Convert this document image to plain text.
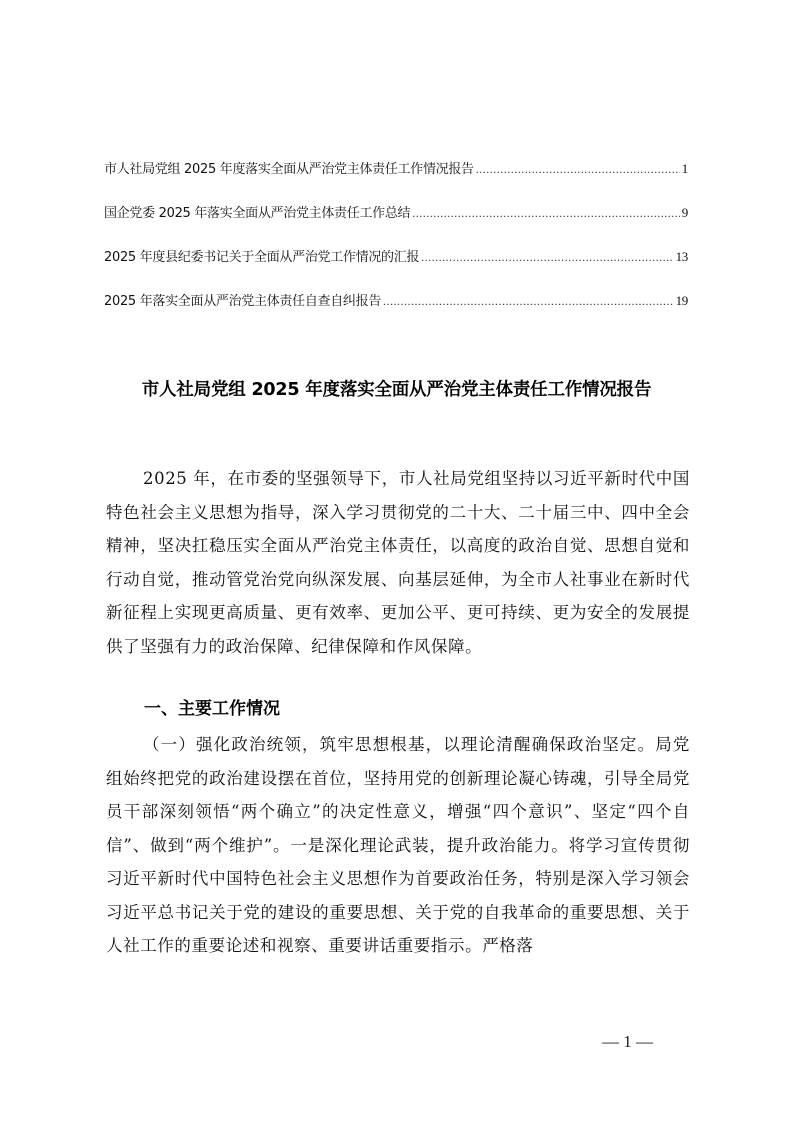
市人社局党组 2025 年度落实全面从严治党主体责任工作情况报告 .....	1
国企党委 2025 年落实全面从严治党主体责任工作总结 .....	9
2025 年度县纪委书记关于全面从严治党工作情况的汇报 .....	13
2025 年落实全面从严治党主体责任自查自纠报告 .....	19
市人社局党组 2025 年度落实全面从严治党主体责任工作情况报告
2025 年，在市委的坚强领导下，市人社局党组坚持以习近平新时代中国特色社会主义思想为指导，深入学习贯彻党的二十大、二十届三中、四中全会精神，坚决扛稳压实全面从严治党主体责任，以高度的政治自觉、思想自觉和行动自觉，推动管党治党向纵深发展、向基层延伸，为全市人社事业在新时代新征程上实现更高质量、更有效率、更加公平、更可持续、更为安全的发展提供了坚强有力的政治保障、纪律保障和作风保障。
一、主要工作情况
（一）强化政治统领，筑牢思想根基，以理论清醒确保政治坚定。局党组始终把党的政治建设摆在首位，坚持用党的创新理论凝心铸魂，引导全局党员干部深刻领悟“两个确立”的决定性意义，增强“四个意识”、坚定“四个自信”、做到“两个维护”。一是深化理论武装，提升政治能力。将学习宣传贯彻习近平新时代中国特色社会主义思想作为首要政治任务，特别是深入学习领会习近平总书记关于党的建设的重要思想、关于党的自我革命的重要思想、关于人社工作的重要论述和视察、重要讲话重要指示。严格落
— 1 —
